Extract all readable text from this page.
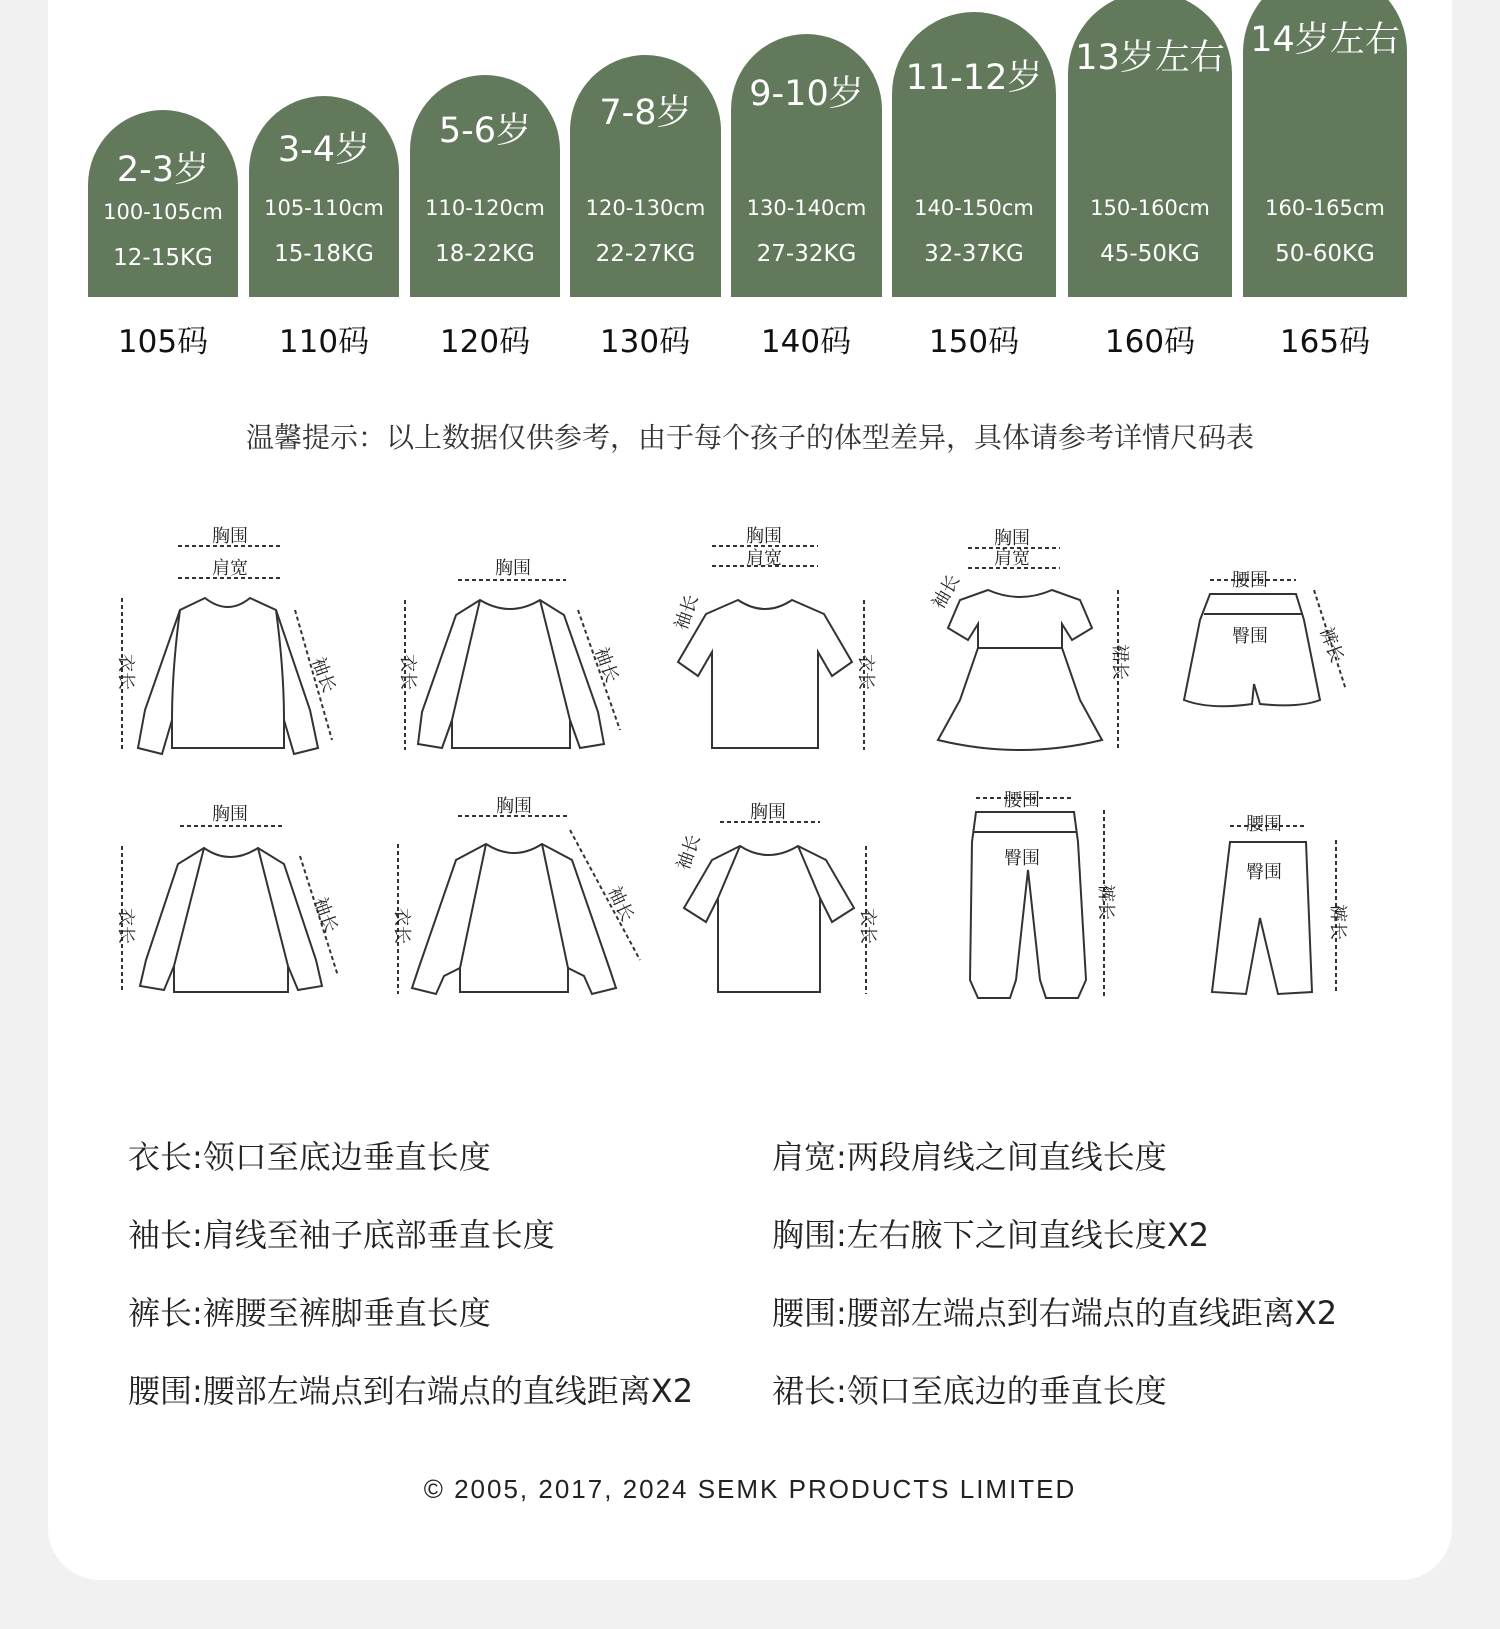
2-3岁
100-105cm
12-15KG
3-4岁
105-110cm
15-18KG
5-6岁
110-120cm
18-22KG
7-8岁
120-130cm
22-27KG
9-10岁
130-140cm
27-32KG
11-12岁
140-150cm
32-37KG
13岁左右
150-160cm
45-50KG
14岁左右
160-165cm
50-60KG
105码	110码	120码	130码	140码	150码	160码	165码
温馨提示：以上数据仅供参考，由于每个孩子的体型差异，具体请参考详情尺码表
胸围
肩宽
衣长	袖长
胸围
衣长	袖长
胸围
肩宽
袖长
衣长
胸围
肩宽
袖长
裙长
腰围
臀围	裤长
胸围
衣长	袖长
胸围
衣长
袖长
胸围
袖长
衣长
腰围
臀围
裤长
腰围
臀围
裤长
衣长:领口至底边垂直长度	肩宽:两段肩线之间直线长度
袖长:肩线至袖子底部垂直长度	胸围:左右腋下之间直线长度X2
裤长:裤腰至裤脚垂直长度	腰围:腰部左端点到右端点的直线距离X2
腰围:腰部左端点到右端点的直线距离X2 裙长:领口至底边的垂直长度
© 2005, 2017, 2024 SEMK PRODUCTS LIMITED
